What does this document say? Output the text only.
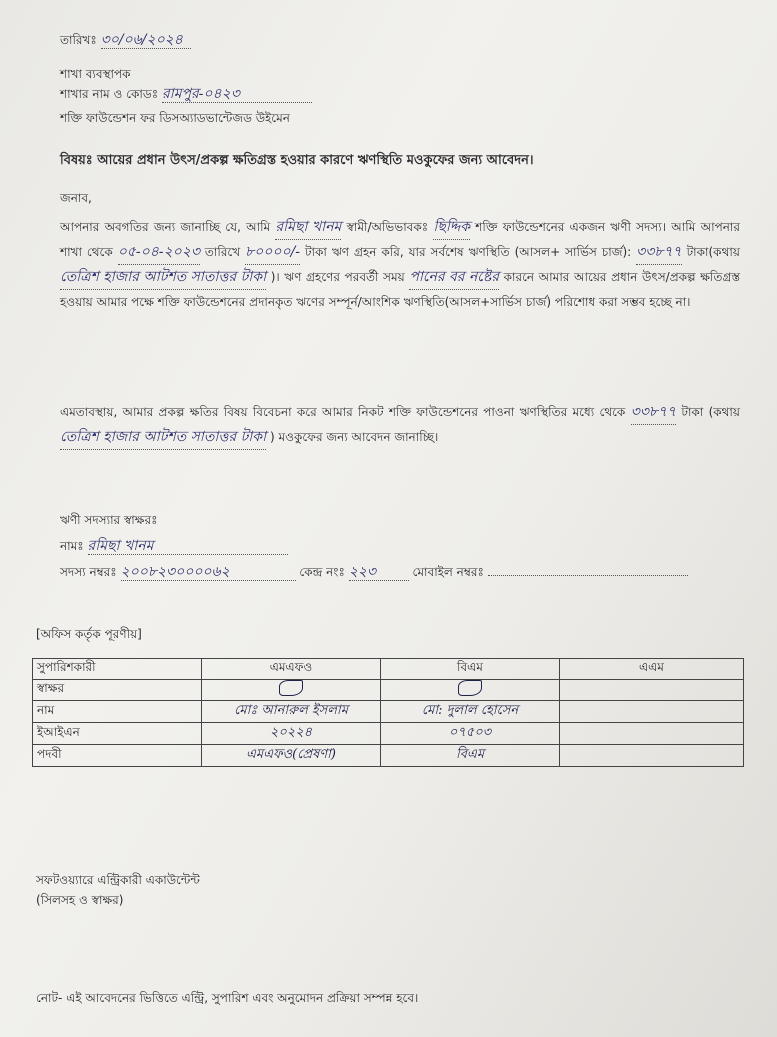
তারিখঃ ৩০/০৬/২০২৪
শাখা ব্যবস্থাপক
শাখার নাম ও কোডঃ রামপুর-০৪২৩
শক্তি ফাউন্ডেশন ফর ডিসঅ্যাডভান্টেজড উইমেন
বিষয়ঃ আয়ের প্রধান উৎস/প্রকল্প ক্ষতিগ্রস্ত হওয়ার কারণে ঋণস্থিতি মওকুফের জন্য আবেদন।
জনাব,
আপনার অবগতির জন্য জানাচ্ছি যে, আমি রমিছা খানম স্বামী/অভিভাবকঃ ছিদ্দিক শক্তি ফাউন্ডেশনের একজন ঋণী সদস্য। আমি আপনার শাখা থেকে ০৫-০৪-২০২৩ তারিখে ৮০০০০/- টাকা ঋণ গ্রহন করি, যার সর্বশেষ ঋণস্থিতি (আসল+ সার্ভিস চার্জ): ৩৩৮৭৭ টাকা(কথায় তেত্রিশ হাজার আটশত সাতাত্তর টাকা )। ঋণ গ্রহণের পরবর্তী সময় পানের বর নষ্টের কারনে আমার আয়ের প্রধান উৎস/প্রকল্প ক্ষতিগ্রস্ত হওয়ায় আমার পক্ষে শক্তি ফাউন্ডেশনের প্রদানকৃত ঋণের সম্পূর্ন/আংশিক ঋণস্থিতি(আসল+সার্ভিস চার্জ) পরিশোধ করা সম্ভব হচ্ছে না।
এমতাবস্থায়, আমার প্রকল্প ক্ষতির বিষয় বিবেচনা করে আমার নিকট শক্তি ফাউন্ডেশনের পাওনা ঋণস্থিতির মধ্যে থেকে ৩৩৮৭৭ টাকা (কথায় তেত্রিশ হাজার আটশত সাতাত্তর টাকা ) মওকুফের জন্য আবেদন জানাচ্ছি।
ঋণী সদস্যার স্বাক্ষরঃ
নামঃ রমিছা খানম
সদস্য নম্বরঃ ২০০৮২৩০০০০৬২	কেন্দ্র নংঃ ২২৩	মোবাইল নম্বরঃ
[অফিস কর্তৃক পূরণীয়]
সুপারিশকারী	এমএফও	বিএম	এএম
স্বাক্ষর			
নাম	মোঃ আনারুল ইসলাম	মো: দুলাল হোসেন	
ইআইএন	২০২২৪	০৭৫০৩	
পদবী	এমএফও(প্রেষণা)	বিএম	
সফটওয়্যারে এন্ট্রিকারী একাউন্টেন্ট
(সিলসহ ও স্বাক্ষর)
নোট- এই আবেদনের ভিত্তিতে এন্ট্রি, সুপারিশ এবং অনুমোদন প্রক্রিয়া সম্পন্ন হবে।
